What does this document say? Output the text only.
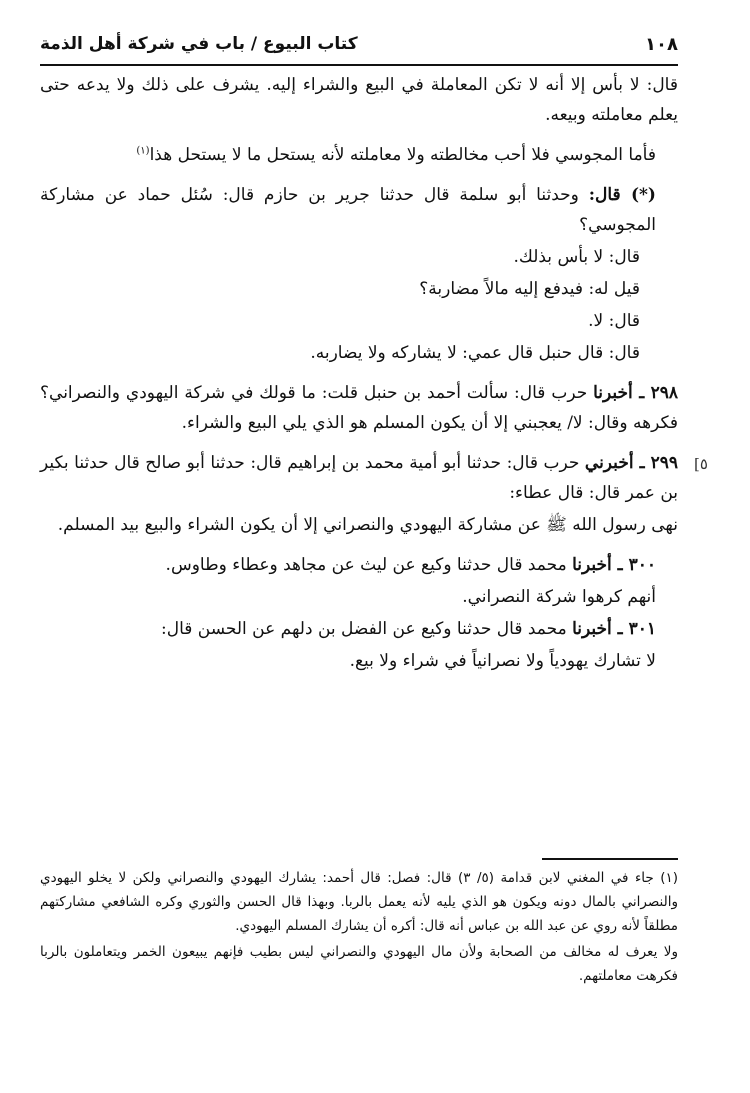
١٠٨
كتاب البيوع / باب في شركة أهل الذمة
[٥

قال: لا بأس إلا أنه لا تكن المعاملة في البيع والشراء إليه. يشرف على ذلك ولا يدعه حتى يعلم معاملته وبيعه.

فأما المجوسي فلا أحب مخالطته ولا معاملته لأنه يستحل ما لا يستحل هذا$^{(١)}$

(*) قال: وحدثنا أبو سلمة قال حدثنا جرير بن حازم قال: سُئل حماد عن مشاركة المجوسي؟

قال: لا بأس بذلك.

قيل له: فيدفع إليه مالاً مضاربة؟

قال: لا.

قال: قال حنبل قال عمي: لا يشاركه ولا يضاربه.

٢٩٨ ـ أخبرنا حرب قال: سألت أحمد بن حنبل قلت: ما قولك في شركة اليهودي والنصراني؟ فكرهه وقال: لا/ يعجبني إلا أن يكون المسلم هو الذي يلي البيع والشراء.

٢٩٩ ـ أخبرني حرب قال: حدثنا أبو أمية محمد بن إبراهيم قال: حدثنا أبو صالح قال حدثنا بكير بن عمر قال: قال عطاء:

نهى رسول الله ﷺ عن مشاركة اليهودي والنصراني إلا أن يكون الشراء والبيع بيد المسلم.

٣٠٠ ـ أخبرنا محمد قال حدثنا وكيع عن ليث عن مجاهد وعطاء وطاوس.

أنهم كرهوا شركة النصراني.

٣٠١ ـ أخبرنا محمد قال حدثنا وكيع عن الفضل بن دلهم عن الحسن قال:

لا تشارك يهودياً ولا نصرانياً في شراء ولا بيع.

(١) جاء في المغني لابن قدامة (٥/ ٣) قال: فصل: قال أحمد: يشارك اليهودي والنصراني ولكن لا يخلو اليهودي والنصراني بالمال دونه ويكون هو الذي يليه لأنه يعمل بالربا. وبهذا قال الحسن والثوري وكره الشافعي مشاركتهم مطلقاً لأنه روي عن عبد الله بن عباس أنه قال: أكره أن يشارك المسلم اليهودي.

ولا يعرف له مخالف من الصحابة ولأن مال اليهودي والنصراني ليس بطيب فإنهم يبيعون الخمر ويتعاملون بالربا فكرهت معاملتهم.
